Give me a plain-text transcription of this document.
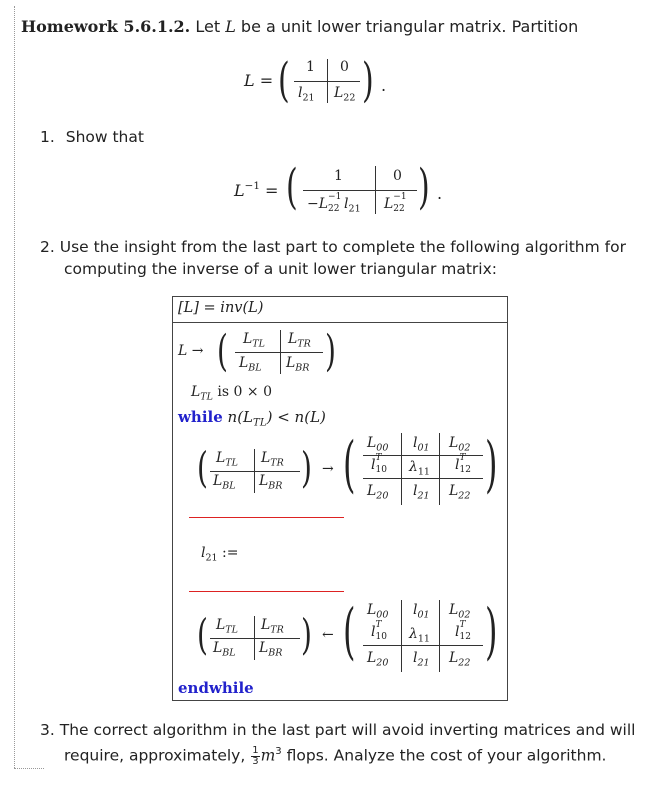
Homework 5.6.1.2. Let L be a unit lower triangular matrix. Partition
L = ( 1 0
$l_{21}$ $L_{22}$ ) .
1. Show that
$L^{-1}$ = (	1	0
−L −1
22 $l_{21}$ L −1
22 ) .
2. Use the insight from the last part to complete the following algorithm for
computing the inverse of a unit lower triangular matrix:
[L] = inv(L)
L → ( $L_{TL}$ $L_{TR}$
$L_{BL}$ $L_{BR}$ )
$L_{TL}$ is 0 × 0
while $n(L_{TL}) < n(L)$
( $L_{TL}$ $L_{TR}$
$L_{BL}$ $L_{BR}$ ) → ( $L_{00}$ $l_{01}$ $L_{02}$
l T
10 $\lambda_{11}$ l T
12
$L_{20}$ $l_{21}$ $L_{22}$ )
$l_{21}$ :=
( $L_{TL}$ $L_{TR}$
$L_{BL}$ $L_{BR}$ ) ← ( $L_{00}$ $l_{01}$ $L_{02}$
l T
10 $\lambda_{11}$ l T
12
$L_{20}$ $l_{21}$ $L_{22}$ )
endwhile
3. The correct algorithm in the last part will avoid inverting matrices and will
require, approximately, $\frac{1}{3} m^3$ flops. Analyze the cost of your algorithm.
